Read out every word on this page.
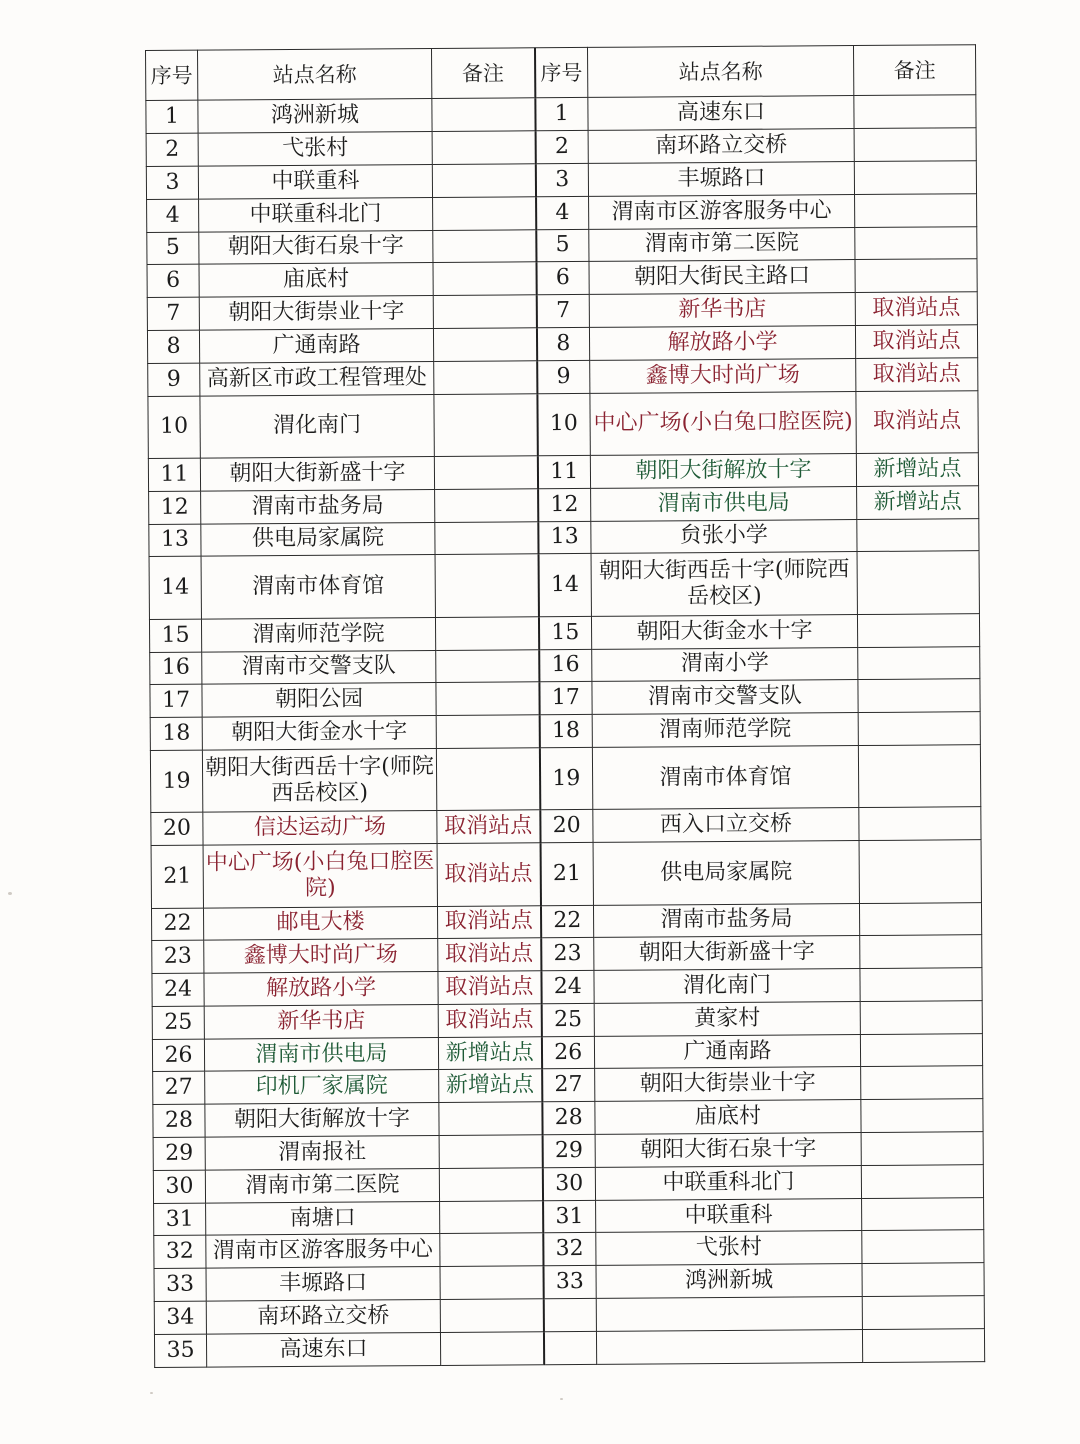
序号	站点名称	备注	序号	站点名称	备注
1	鸿洲新城		1	高速东口	
2	弋张村		2	南环路立交桥	
3	中联重科		3	丰塬路口	
4	中联重科北门		4	渭南市区游客服务中心	
5	朝阳大街石泉十字		5	渭南市第二医院	
6	庙底村		6	朝阳大街民主路口	
7	朝阳大街崇业十字		7	新华书店	取消站点
8	广通南路		8	解放路小学	取消站点
9	高新区市政工程管理处		9	鑫博大时尚广场	取消站点
10	渭化南门		10	中心广场(小白兔口腔医院)	取消站点
11	朝阳大街新盛十字		11	朝阳大街解放十字	新增站点
12	渭南市盐务局		12	渭南市供电局	新增站点
13	供电局家属院		13	贠张小学	
14	渭南市体育馆		14	朝阳大街西岳十字(师院西岳校区)	
15	渭南师范学院		15	朝阳大街金水十字	
16	渭南市交警支队		16	渭南小学	
17	朝阳公园		17	渭南市交警支队	
18	朝阳大街金水十字		18	渭南师范学院	
19	朝阳大街西岳十字(师院西岳校区)		19	渭南市体育馆	
20	信达运动广场	取消站点	20	西入口立交桥	
21	中心广场(小白兔口腔医院)	取消站点	21	供电局家属院	
22	邮电大楼	取消站点	22	渭南市盐务局	
23	鑫博大时尚广场	取消站点	23	朝阳大街新盛十字	
24	解放路小学	取消站点	24	渭化南门	
25	新华书店	取消站点	25	黄家村	
26	渭南市供电局	新增站点	26	广通南路	
27	印机厂家属院	新增站点	27	朝阳大街崇业十字	
28	朝阳大街解放十字		28	庙底村	
29	渭南报社		29	朝阳大街石泉十字	
30	渭南市第二医院		30	中联重科北门	
31	南塘口		31	中联重科	
32	渭南市区游客服务中心		32	弋张村	
33	丰塬路口		33	鸿洲新城	
34	南环路立交桥				
35	高速东口				
